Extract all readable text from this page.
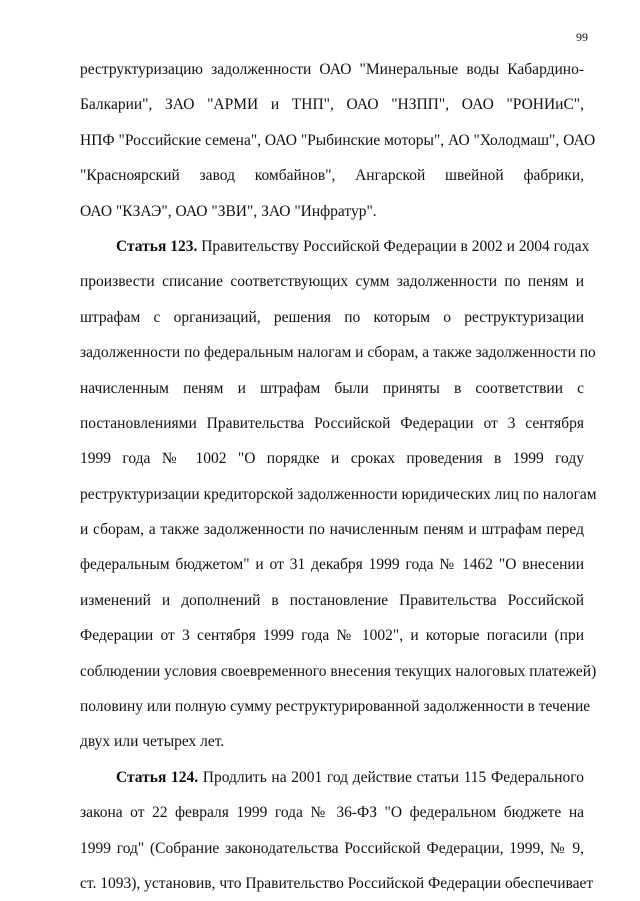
99
реструктуризацию задолженности ОАО "Минеральные воды Кабардино-
Балкарии", ЗАО "АРМИ и ТНП", ОАО "НЗПП", ОАО "РОНИиС",
НПФ "Российские семена", ОАО "Рыбинские моторы", АО "Холодмаш", ОАО
"Красноярский завод комбайнов", Ангарской швейной фабрики,
ОАО "КЗАЭ", ОАО "ЗВИ", ЗАО "Инфратур".
Статья 123. Правительству Российской Федерации в 2002 и 2004 годах
произвести списание соответствующих сумм задолженности по пеням и
штрафам с организаций, решения по которым о реструктуризации
задолженности по федеральным налогам и сборам, а также задолженности по
начисленным пеням и штрафам были приняты в соответствии с
постановлениями Правительства Российской Федерации от 3 сентября
1999 года № 1002 "О порядке и сроках проведения в 1999 году
реструктуризации кредиторской задолженности юридических лиц по налогам
и сборам, а также задолженности по начисленным пеням и штрафам перед
федеральным бюджетом" и от 31 декабря 1999 года № 1462 "О внесении
изменений и дополнений в постановление Правительства Российской
Федерации от 3 сентября 1999 года № 1002", и которые погасили (при
соблюдении условия своевременного внесения текущих налоговых платежей)
половину или полную сумму реструктурированной задолженности в течение
двух или четырех лет.
Статья 124. Продлить на 2001 год действие статьи 115 Федерального
закона от 22 февраля 1999 года № 36-ФЗ "О федеральном бюджете на
1999 год" (Собрание законодательства Российской Федерации, 1999, № 9,
ст. 1093), установив, что Правительство Российской Федерации обеспечивает
